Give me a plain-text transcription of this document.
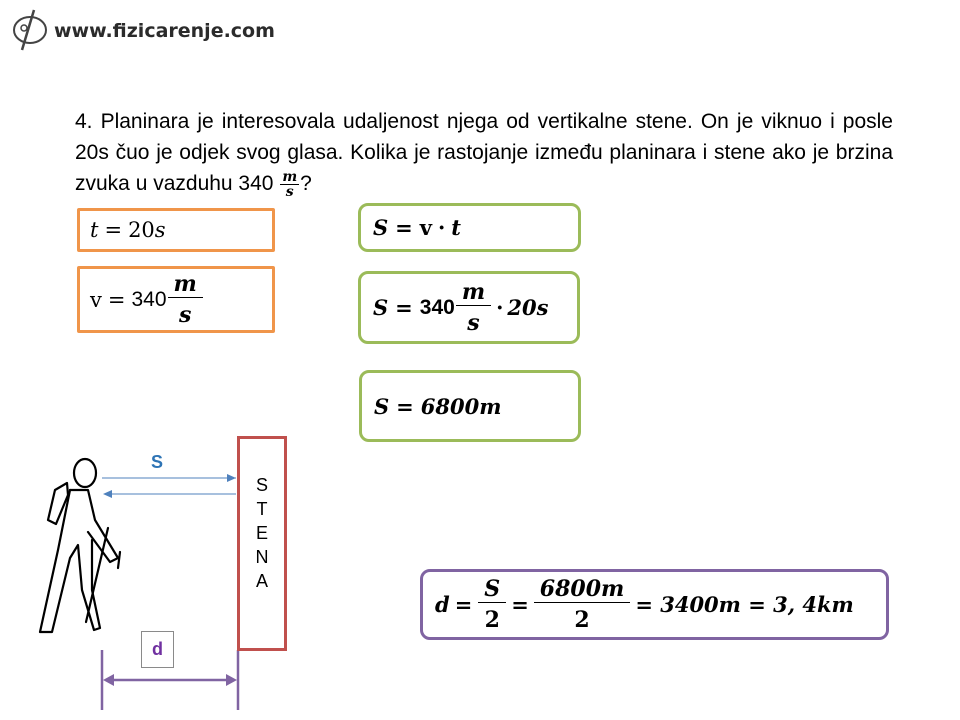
www.fizicarenje.com
4. Planinara je interesovala udaljenost njega od vertikalne stene. On je viknuo i posle 20s čuo je odjek svog glasa. Kolika je rastojanje između planinara i stene ako je brzina zvuka u vazduhu $340 \frac{m}{s}$ ?
t = 20 s
v = 340
m
s
S = v · t
S = 340
m
s
· 20s
S = 6800m
d =
S
2
=
6800m
2
= 3400m = 3, 4km
S
S
T
E
N
A
d
